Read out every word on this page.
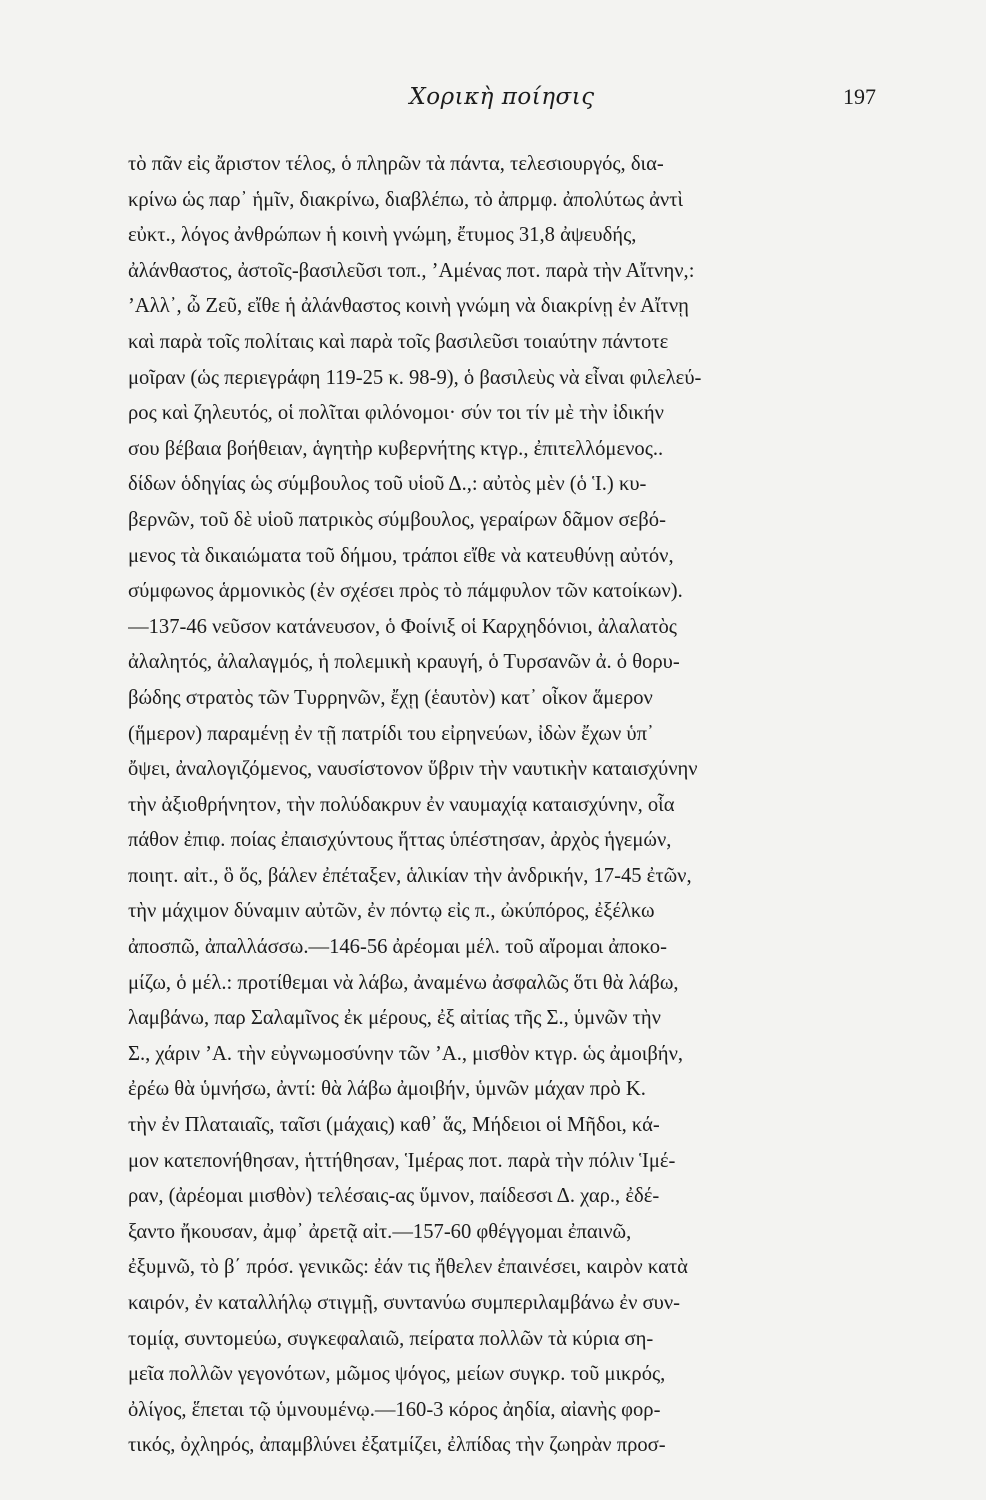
Χορικὴ ποίησις	197
τὸ πᾶν εἰς ἄριστον τέλος, ὁ πληρῶν τὰ πάντα, τελεσιουργός, δια-
κρίνω ὡς παρ᾽ ἡμῖν, διακρίνω, διαβλέπω, τὸ ἀπρμφ. ἀπολύτως ἀντὶ
εὐκτ., λόγος ἀνθρώπων ἡ κοινὴ γνώμη, ἔτυμος 31,8 ἀψευδής,
ἀλάνθαστος, ἀστοῖς-βασιλεῦσι τοπ., ʼΑμένας ποτ. παρὰ τὴν Αἴτνην,:
ʼΑλλ᾽, ὦ Ζεῦ, εἴθε ἡ ἀλάνθαστος κοινὴ γνώμη νὰ διακρίνῃ ἐν Αἴτνῃ
καὶ παρὰ τοῖς πολίταις καὶ παρὰ τοῖς βασιλεῦσι τοιαύτην πάντοτε
μοῖραν (ὡς περιεγράφη 119-25 κ. 98-9), ὁ βασιλεὺς νὰ εἶναι φιλελεύ-
ρος καὶ ζηλευτός, οἱ πολῖται φιλόνομοι· σύν τοι τίν μὲ τὴν ἰδικήν
σου βέβαια βοήθειαν, ἁγητὴρ κυβερνήτης κτγρ., ἐπιτελλόμενος..
δίδων ὁδηγίας ὡς σύμβουλος τοῦ υἱοῦ Δ.,: αὐτὸς μὲν (ὁ Ἱ.) κυ-
βερνῶν, τοῦ δὲ υἱοῦ πατρικὸς σύμβουλος, γεραίρων δᾶμον σεβό-
μενος τὰ δικαιώματα τοῦ δήμου, τράποι εἴθε νὰ κατευθύνῃ αὐτόν,
σύμφωνος ἁρμονικὸς (ἐν σχέσει πρὸς τὸ πάμφυλον τῶν κατοίκων).
—137-46 νεῦσον κατάνευσον, ὁ Φοίνιξ οἱ Καρχηδόνιοι, ἀλαλατὸς
ἀλαλητός, ἀλαλαγμός, ἡ πολεμικὴ κραυγή, ὁ Τυρσανῶν ἀ. ὁ θορυ-
βώδης στρατὸς τῶν Τυρρηνῶν, ἔχῃ (ἑαυτὸν) κατ᾽ οἶκον ἅμερον
(ἥμερον) παραμένῃ ἐν τῇ πατρίδι του εἰρηνεύων, ἰδὼν ἔχων ὑπ᾽
ὄψει, ἀναλογιζόμενος, ναυσίστονον ὕβριν τὴν ναυτικὴν καταισχύνην
τὴν ἀξιοθρήνητον, τὴν πολύδακρυν ἐν ναυμαχίᾳ καταισχύνην, οἷα
πάθον ἐπιφ. ποίας ἐπαισχύντους ἥττας ὑπέστησαν, ἀρχὸς ἡγεμών,
ποιητ. αἰτ., ὃ ὅς, βάλεν ἐπέταξεν, ἁλικίαν τὴν ἀνδρικήν, 17-45 ἐτῶν,
τὴν μάχιμον δύναμιν αὐτῶν, ἐν πόντῳ εἰς π., ὠκύπόρος, ἐξέλκω
ἀποσπῶ, ἀπαλλάσσω.—146-56 ἀρέομαι μέλ. τοῦ αἴρομαι ἀποκο-
μίζω, ὁ μέλ.: προτίθεμαι νὰ λάβω, ἀναμένω ἀσφαλῶς ὅτι θὰ λάβω,
λαμβάνω, παρ Σαλαμῖνος ἐκ μέρους, ἐξ αἰτίας τῆς Σ., ὑμνῶν τὴν
Σ., χάριν ʼΑ. τὴν εὐγνωμοσύνην τῶν ʼΑ., μισθὸν κτγρ. ὡς ἀμοιβήν,
ἐρέω θὰ ὑμνήσω, ἀντί: θὰ λάβω ἀμοιβήν, ὑμνῶν μάχαν πρὸ Κ.
τὴν ἐν Πλαταιαῖς, ταῖσι (μάχαις) καθ᾽ ἅς, Μήδειοι οἱ Μῆδοι, κά-
μον κατεπονήθησαν, ἡττήθησαν, Ἱμέρας ποτ. παρὰ τὴν πόλιν Ἱμέ-
ραν, (ἀρέομαι μισθὸν) τελέσαις-ας ὕμνον, παίδεσσι Δ. χαρ., ἐδέ-
ξαντο ἤκουσαν, ἀμφ᾽ ἀρετᾷ αἰτ.—157-60 φθέγγομαι ἐπαινῶ,
ἐξυμνῶ, τὸ β΄ πρόσ. γενικῶς: ἐάν τις ἤθελεν ἐπαινέσει, καιρὸν κατὰ
καιρόν, ἐν καταλλήλῳ στιγμῇ, συντανύω συμπεριλαμβάνω ἐν συν-
τομίᾳ, συντομεύω, συγκεφαλαιῶ, πείρατα πολλῶν τὰ κύρια ση-
μεῖα πολλῶν γεγονότων, μῶμος ψόγος, μείων συγκρ. τοῦ μικρός,
ὀλίγος, ἕπεται τῷ ὑμνουμένῳ.—160-3 κόρος ἀηδία, αἰανὴς φορ-
τικός, ὀχληρός, ἀπαμβλύνει ἐξατμίζει, ἐλπίδας τὴν ζωηρὰν προσ-
